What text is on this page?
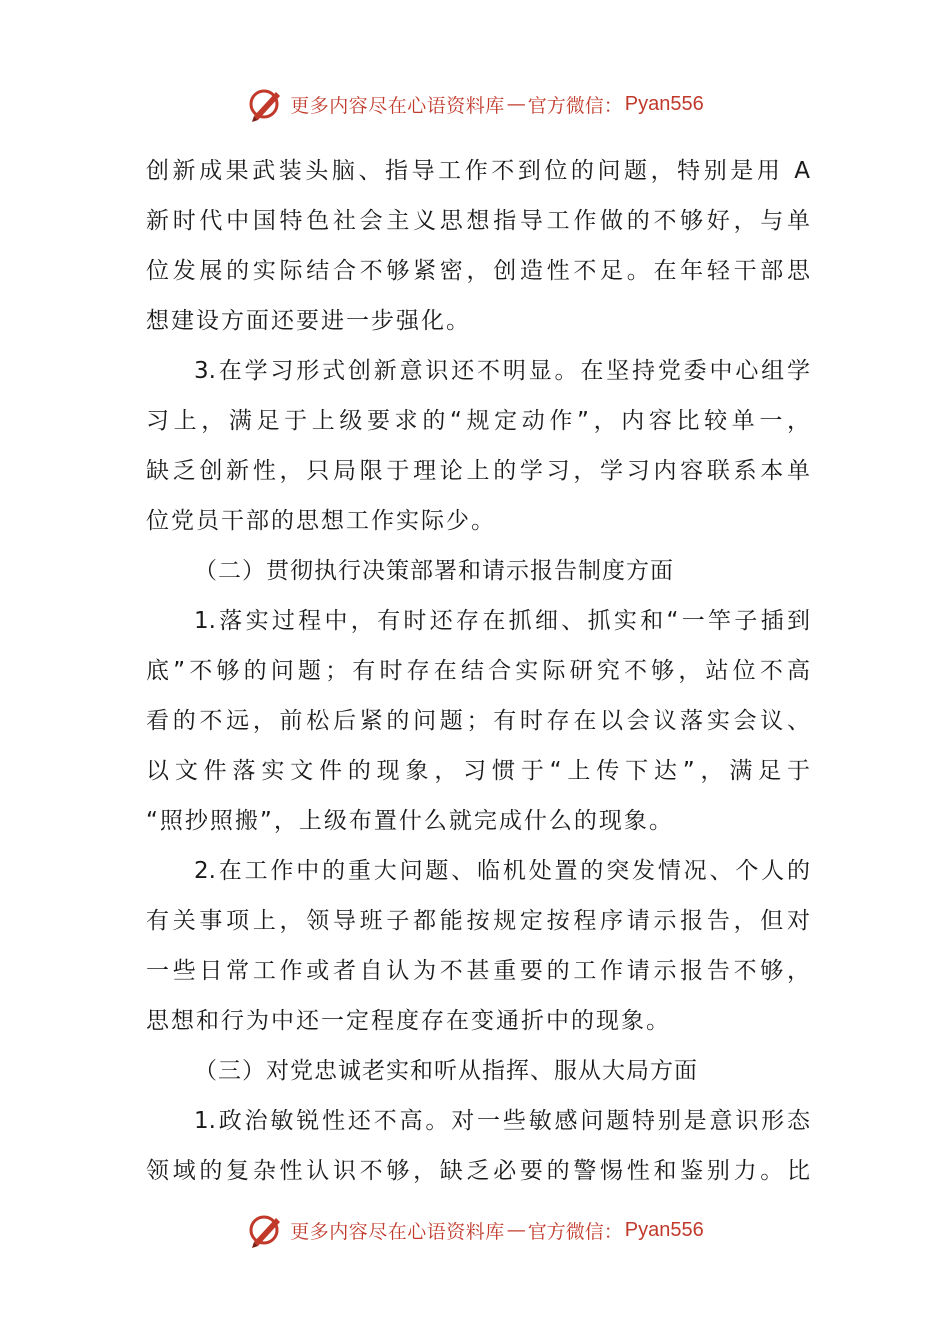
更多内容尽在心语资料库 — 官方微信： Pyan556
创新成果武装头脑、指导工作不到位的问题，特别是用 A
新时代中国特色社会主义思想指导工作做的不够好，与单
位发展的实际结合不够紧密，创造性不足。在年轻干部思
想建设方面还要进一步强化。
3.在学习形式创新意识还不明显。在坚持党委中心组学
习上，满足于上级要求的“规定动作”，内容比较单一，
缺乏创新性，只局限于理论上的学习，学习内容联系本单
位党员干部的思想工作实际少。
（二）贯彻执行决策部署和请示报告制度方面
1.落实过程中，有时还存在抓细、抓实和“一竿子插到
底”不够的问题；有时存在结合实际研究不够，站位不高
看的不远，前松后紧的问题；有时存在以会议落实会议、
以文件落实文件的现象，习惯于“上传下达”，满足于
“照抄照搬”，上级布置什么就完成什么的现象。
2.在工作中的重大问题、临机处置的突发情况、个人的
有关事项上，领导班子都能按规定按程序请示报告，但对
一些日常工作或者自认为不甚重要的工作请示报告不够，
思想和行为中还一定程度存在变通折中的现象。
（三）对党忠诚老实和听从指挥、服从大局方面
1.政治敏锐性还不高。对一些敏感问题特别是意识形态
领域的复杂性认识不够，缺乏必要的警惕性和鉴别力。比
更多内容尽在心语资料库 — 官方微信： Pyan556
